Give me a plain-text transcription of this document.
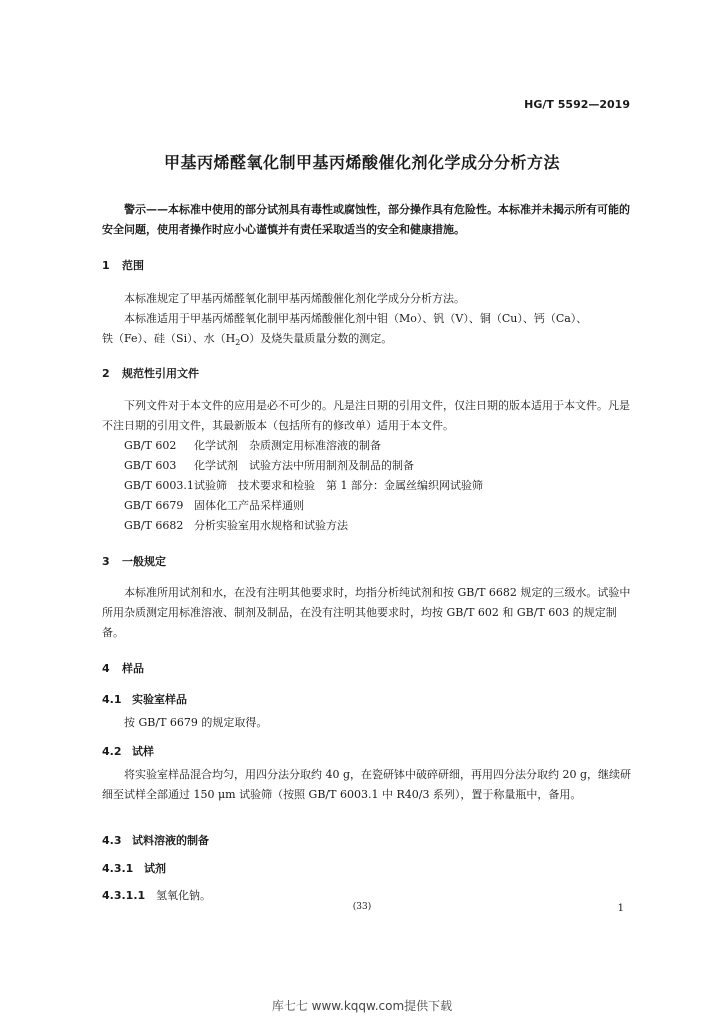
HG/T 5592—2019
甲基丙烯醛氧化制甲基丙烯酸催化剂化学成分分析方法
警示——本标准中使用的部分试剂具有毒性或腐蚀性，部分操作具有危险性。本标准并未揭示所有可能的安全问题，使用者操作时应小心谨慎并有责任采取适当的安全和健康措施。
1 范围
本标准规定了甲基丙烯醛氧化制甲基丙烯酸催化剂化学成分分析方法。
本标准适用于甲基丙烯醛氧化制甲基丙烯酸催化剂中钼（Mo）、钒（V）、铜（Cu）、钙（Ca）、
铁（Fe）、硅（Si）、水$(H_2O)$及烧失量质量分数的测定。
2 规范性引用文件
下列文件对于本文件的应用是必不可少的。凡是注日期的引用文件，仅注日期的版本适用于本文件。凡是不注日期的引用文件，其最新版本（包括所有的修改单）适用于本文件。
GB/T 602 化学试剂　杂质测定用标准溶液的制备
GB/T 603 化学试剂　试验方法中所用制剂及制品的制备
GB/T 6003.1试验筛　技术要求和检验　第 1 部分：金属丝编织网试验筛
GB/T 6679 固体化工产品采样通则
GB/T 6682 分析实验室用水规格和试验方法
3 一般规定
本标准所用试剂和水，在没有注明其他要求时，均指分析纯试剂和按 GB/T 6682 规定的三级水。试验中所用杂质测定用标准溶液、制剂及制品，在没有注明其他要求时，均按 GB/T 602 和 GB/T 603 的规定制备。
4 样品
4.1 实验室样品
按 GB/T 6679 的规定取得。
4.2 试样
将实验室样品混合均匀，用四分法分取约 40 g，在瓷研钵中破碎研细，再用四分法分取约 20 g，继续研细至试样全部通过 150 μm 试验筛（按照 GB/T 6003.1 中 R40/3 系列），置于称量瓶中，备用。
4.3 试料溶液的制备
4.3.1 试剂
4.3.1.1 氢氧化钠。
(33)	1
库七七 www.kqqw.com提供下载
